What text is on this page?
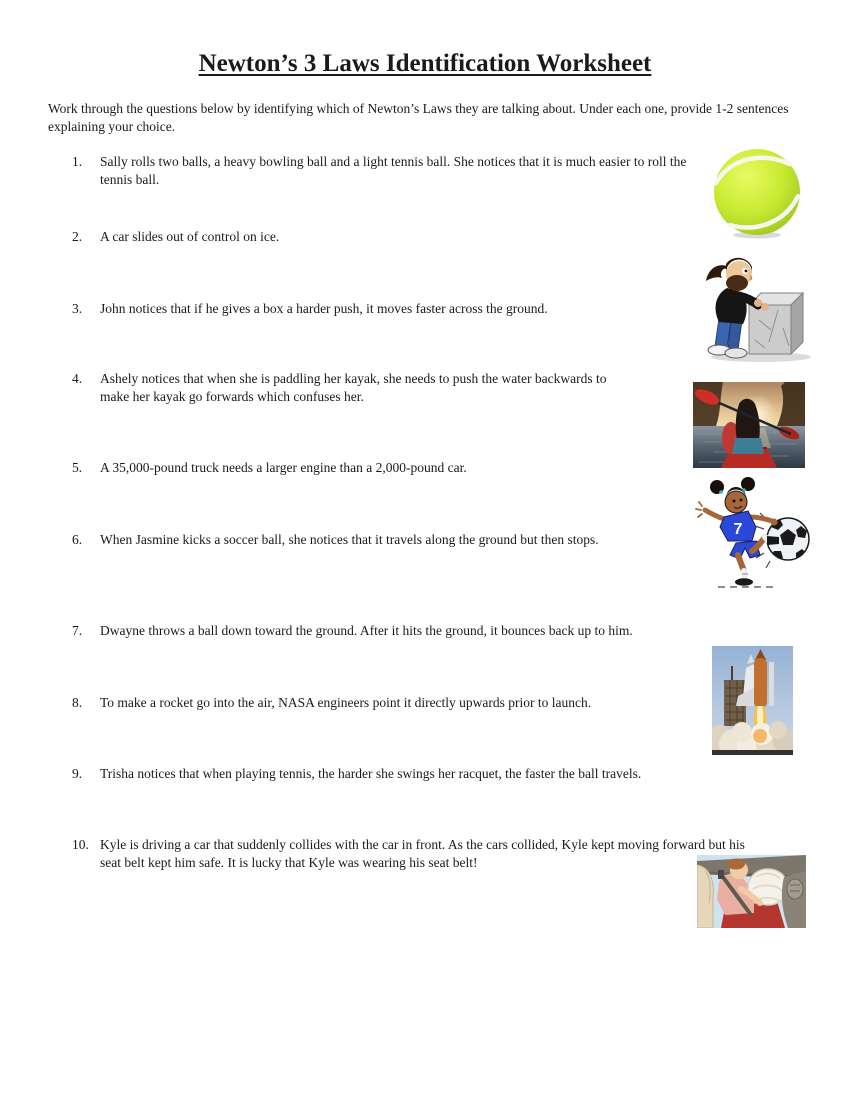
Newton’s 3 Laws Identification Worksheet
Work through the questions below by identifying which of Newton’s Laws they are talking about. Under each one, provide 1-2 sentences explaining your choice.
1.	Sally rolls two balls, a heavy bowling ball and a light tennis ball. She notices that it is much easier to roll the tennis ball.
2.	A car slides out of control on ice.
3.	John notices that if he gives a box a harder push, it moves faster across the ground.
4.	Ashely notices that when she is paddling her kayak, she needs to push the water backwards to make her kayak go forwards which confuses her.
5.	A 35,000-pound truck needs a larger engine than a 2,000-pound car.
6.	When Jasmine kicks a soccer ball, she notices that it travels along the ground but then stops.
7.	Dwayne throws a ball down toward the ground. After it hits the ground, it bounces back up to him.
8.	To make a rocket go into the air, NASA engineers point it directly upwards prior to launch.
9.	Trisha notices that when playing tennis, the harder she swings her racquet, the faster the ball travels.
10. Kyle is driving a car that suddenly collides with the car in front. As the cars collided, Kyle kept moving forward but his seat belt kept him safe. It is lucky that Kyle was wearing his seat belt!
7
